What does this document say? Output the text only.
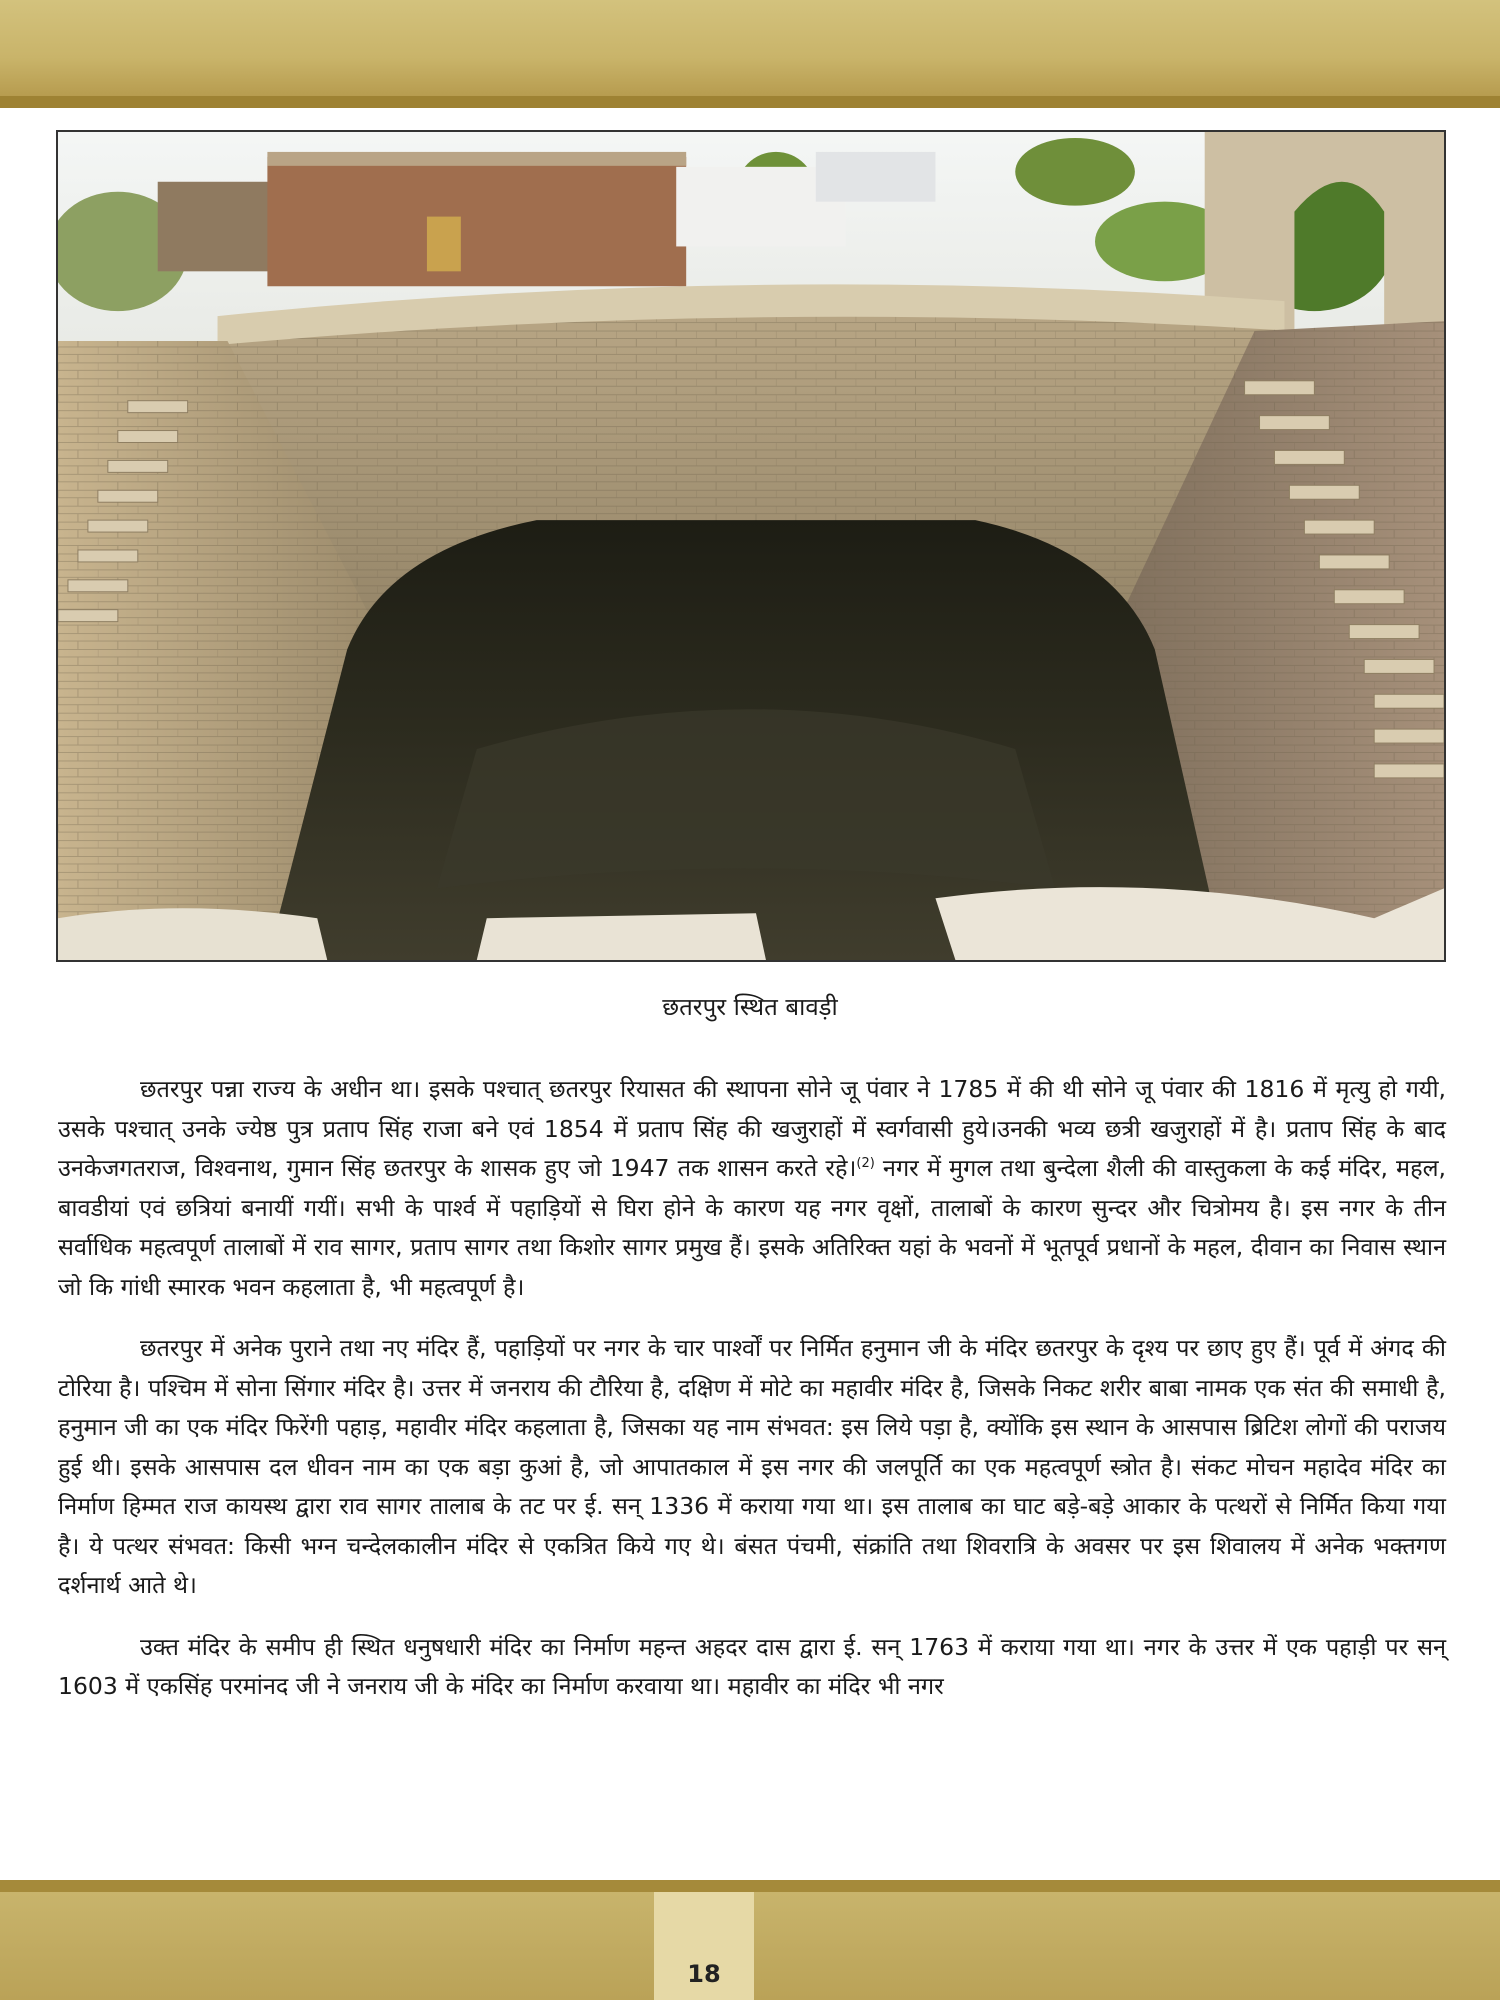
छतरपुर स्थित बावड़ी

छतरपुर पन्ना राज्य के अधीन था। इसके पश्चात् छतरपुर रियासत की स्थापना सोने जू पंवार ने 1785 में की थी सोने जू पंवार की 1816 में मृत्यु हो गयी, उसके पश्चात् उनके ज्येष्ठ पुत्र प्रताप सिंह राजा बने एवं 1854 में प्रताप सिंह की खजुराहों में स्वर्गवासी हुये।उनकी भव्य छत्री खजुराहों में है। प्रताप सिंह के बाद उनकेजगतराज, विश्वनाथ, गुमान सिंह छतरपुर के शासक हुए जो 1947 तक शासन करते रहे।$^{(2)}$ नगर में मुगल तथा बुन्देला शैली की वास्तुकला के कई मंदिर, महल, बावडीयां एवं छत्रियां बनायीं गयीं। सभी के पार्श्व में पहाड़ियों से घिरा होने के कारण यह नगर वृक्षों, तालाबों के कारण सुन्दर और चित्रोमय है। इस नगर के तीन सर्वाधिक महत्वपूर्ण तालाबों में राव सागर, प्रताप सागर तथा किशोर सागर प्रमुख हैं। इसके अतिरिक्त यहां के भवनों में भूतपूर्व प्रधानों के महल, दीवान का निवास स्थान जो कि गांधी स्मारक भवन कहलाता है, भी महत्वपूर्ण है।

छतरपुर में अनेक पुराने तथा नए मंदिर हैं, पहाड़ियों पर नगर के चार पार्श्वों पर निर्मित हनुमान जी के मंदिर छतरपुर के दृश्य पर छाए हुए हैं। पूर्व में अंगद की टोरिया है। पश्चिम में सोना सिंगार मंदिर है। उत्तर में जनराय की टौरिया है, दक्षिण में मोटे का महावीर मंदिर है, जिसके निकट शरीर बाबा नामक एक संत की समाधी है, हनुमान जी का एक मंदिर फिरेंगी पहाड़, महावीर मंदिर कहलाता है, जिसका यह नाम संभवत: इस लिये पड़ा है, क्योंकि इस स्थान के आसपास ब्रिटिश लोगों की पराजय हुई थी। इसके आसपास दल धीवन नाम का एक बड़ा कुआं है, जो आपातकाल में इस नगर की जलपूर्ति का एक महत्वपूर्ण स्त्रोत है। संकट मोचन महादेव मंदिर का निर्माण हिम्मत राज कायस्थ द्वारा राव सागर तालाब के तट पर ई. सन् 1336 में कराया गया था। इस तालाब का घाट बड़े-बड़े आकार के पत्थरों से निर्मित किया गया है। ये पत्थर संभवत: किसी भग्न चन्देलकालीन मंदिर से एकत्रित किये गए थे। बंसत पंचमी, संक्रांति तथा शिवरात्रि के अवसर पर इस शिवालय में अनेक भक्तगण दर्शनार्थ आते थे।

उक्त मंदिर के समीप ही स्थित धनुषधारी मंदिर का निर्माण महन्त अहदर दास द्वारा ई. सन् 1763 में कराया गया था। नगर के उत्तर में एक पहाड़ी पर सन् 1603 में एकसिंह परमांनद जी ने जनराय जी के मंदिर का निर्माण करवाया था। महावीर का मंदिर भी नगर

18
